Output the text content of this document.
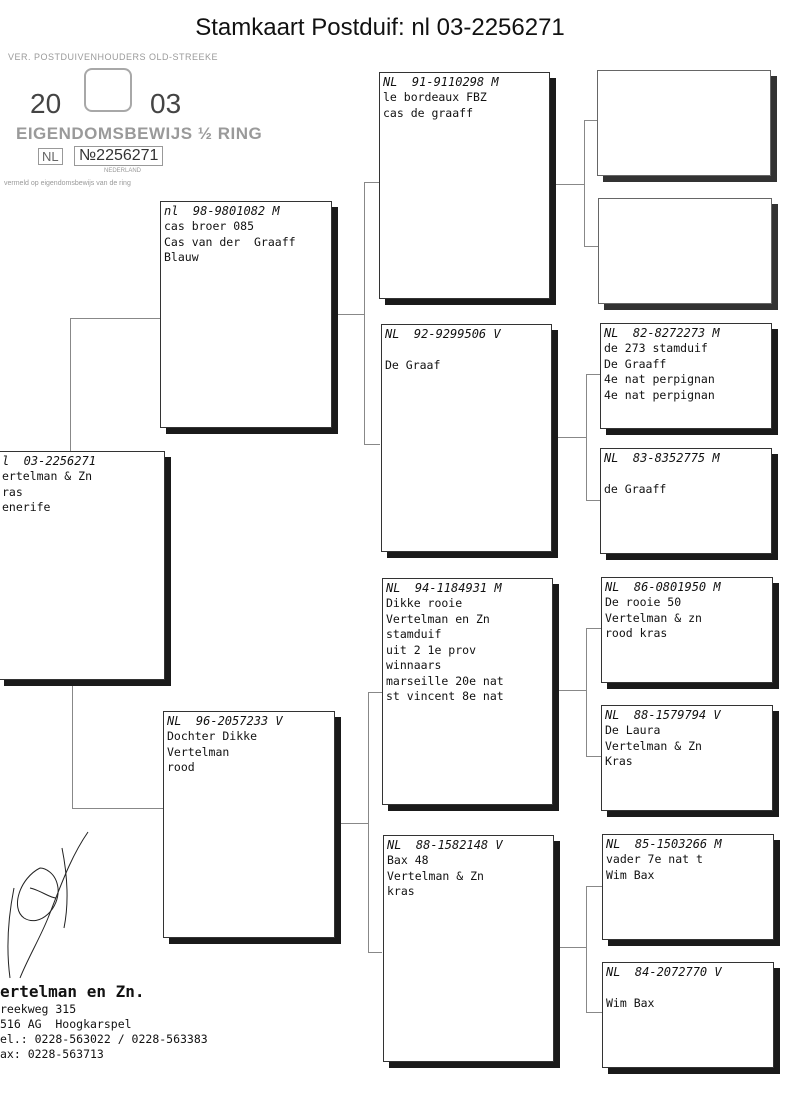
Stamkaart Postduif: nl 03-2256271
VER. POSTDUIVENHOUDERS OLD-STREEKE
20	03
EIGENDOMSBEWIJS ½ RING
NL	№2256271
NEDERLAND
vermeld op eigendomsbewijs van de ring
l  03-2256271
ertelman & Zn
ras
enerife
nl  98-9801082 M
cas broer 085
Cas van der  Graaff
Blauw
NL  96-2057233 V
Dochter Dikke
Vertelman
rood
NL  91-9110298 M
le bordeaux FBZ
cas de graaff
NL  92-9299506 V
De Graaf
NL  94-1184931 M
Dikke rooie
Vertelman en Zn
stamduif
uit 2 1e prov
winnaars
marseille 20e nat
st vincent 8e nat
NL  88-1582148 V
Bax 48
Vertelman & Zn
kras
NL  82-8272273 M
de 273 stamduif
De Graaff
4e nat perpignan
4e nat perpignan
NL  83-8352775 M
de Graaff
NL  86-0801950 M
De rooie 50
Vertelman & zn
rood kras
NL  88-1579794 V
De Laura
Vertelman & Zn
Kras
NL  85-1503266 M
vader 7e nat t
Wim Bax
NL  84-2072770 V
Wim Bax
ertelman en Zn.
reekweg 315
516 AG  Hoogkarspel
el.: 0228-563022 / 0228-563383
ax: 0228-563713
